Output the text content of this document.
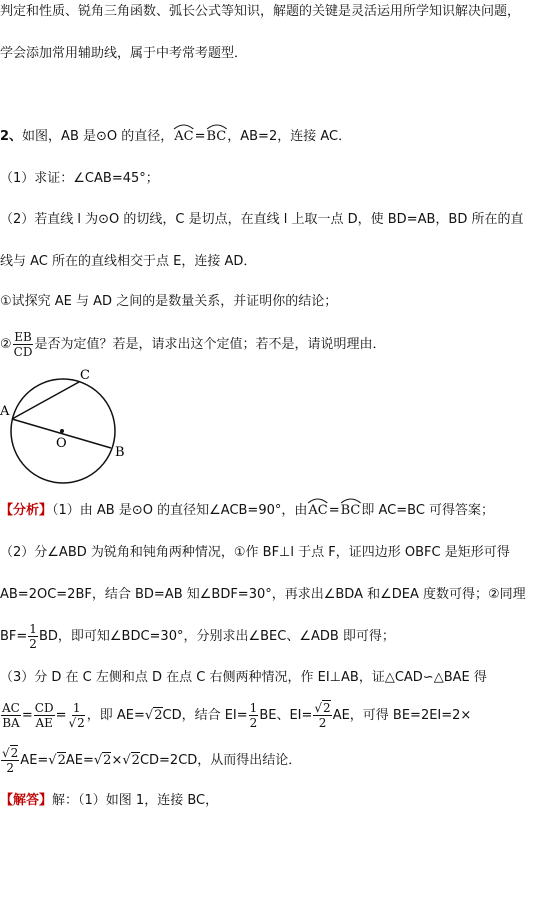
判定和性质、锐角三角函数、弧长公式等知识，解题的关键是灵活运用所学知识解决问题，
学会添加常用辅助线，属于中考常考题型．
2、如图，AB 是⊙O 的直径，
AC=
BC，AB=2，连接 AC．
（1）求证：∠CAB=45°；
（2）若直线 l 为⊙O 的切线，C 是切点，在直线 l 上取一点 D，使 BD=AB，BD 所在的直
线与 AC 所在的直线相交于点 E，连接 AD．
①试探究 AE 与 AD 之间的是数量关系，并证明你的结论；
② $\frac{EB}{CD}$ 是否为定值？若是，请求出这个定值；若不是，请说明理由．
A
C
O
B
【分析】（1）由 AB 是⊙O 的直径知∠ACB=90°，由
AC=
BC即 AC=BC 可得答案；
（2）分∠ABD 为锐角和钝角两种情况，①作 BF⊥l 于点 F，证四边形 OBFC 是矩形可得
AB=2OC=2BF，结合 BD=AB 知∠BDF=30°，再求出∠BDA 和∠DEA 度数可得；②同理
$BF= \frac{1}{2}$ BD，即可知∠BDC=30°，分别求出∠BEC、∠ADB 即可得；
（3）分 D 在 C 左侧和点 D 在点 C 右侧两种情况，作 EI⊥AB，证△CAD∽△BAE 得
$\frac{AC}{BA} = \frac{CD}{AE} = \frac{1}{√2}$ ，即 AE=√2CD，结合 $EI= \frac{1}{2}$ BE、$EI= \frac{√2}{2}$ AE，可得 BE=2EI=2×
$\frac{√2}{2} AE=√2AE=√2\times√2CD=2CD$，从而得出结论．
【解答】解：（1）如图 1，连接 BC，
